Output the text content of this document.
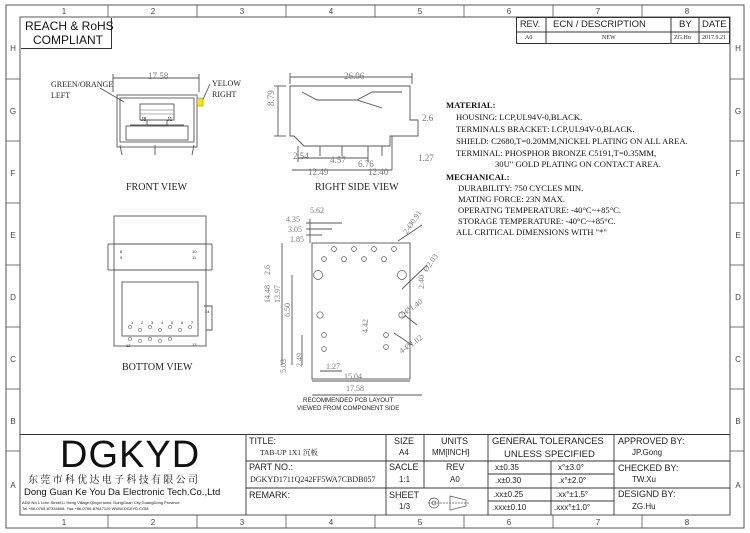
1	2	3	4	5	6	7	8
1	2	3	4	5	6	7	8
H
G
F
E
D
C
B
A
H
G
F
E
D
C
B
A
REACH & RoHS
COMPLIANT
REV. ECN / DESCRIPTION	BY DATE
A0	NEW	ZG.Hu 2017.9.21
17.58
GREEN/ORANGE
LEFT
YELOW
RIGHT
J8	J1
FRONT VIEW
26.06
8.79
2.6
2.54 4.57 6.76
1.27
12.49	12.40
RIGHT SIDE VIEW
MATERIAL:
HOUSING: LCP,UL94V-0,BLACK.
TERMINALS BRACKET: LCP,UL94V-0,BLACK.
SHIELD: C2680,T=0.20MM,NICKEL PLATING ON ALL AREA.
TERMINAL: PHOSPHOR BRONZE C5191,T=0.35MM,
30U" GOLD PLATING ON CONTACT AREA.
MECHANICAL:
DURABILITY: 750 CYCLES MIN.
MATING FORCE: 23N MAX.
OPERATNG TEMPERATURE: -40°C~+85°C.
STORAGE TEMPERATURE: -40°C~+85°C.
ALL CRITICAL DIMENSIONS WITH "*"
1 2 3 4 5 6 7
8
9
10
11
12	13
14
BOTTOM VIEW
5.62
4.35
3.05
1.85
2-Ø0.91
Ø2.03
2.40
14.48 13.97
6.50
4.42
2-Ø1.40
4-Ø1.02
2.49
5.03	1.27
15.04
17.58
2.6
RECOMMENDED PCB LAYOUT
VIEWED FROM COMPONENT SIDE
DGKYD
东莞市科优达电子科技有限公司
Dong Guan Ke You Da Electronic Tech.Co.,Ltd
ADD:No.1 Lixin Street,Li Heng Village,Qingxi town, DongGuan City,GuangDong Province
Tel:+86-0769-87334608; Fax:+86-0769-87647129 WWW.DGKYD.COM
TITLE:
TAB-UP 1X1 沉板
PART NO.:
DGKYD1711Q242FF5WA7CBDB057
REMARK:
SIZE
A4
SACLE
1:1
SHEET
1/3
UNITS
MM[INCH]
REV
A0
GENERAL TOLERANCES
UNLESS SPECIFIED
x±0.35	x°±3.0°
.x±0.30	.x°±2.0°
.xx±0.25	.xx°±1.5°
.xxx±0.10	.xxx°±1.0°
APPROVED BY:
JP.Gong
CHECKED BY:
TW.Xu
DESIGND BY:
ZG.Hu
